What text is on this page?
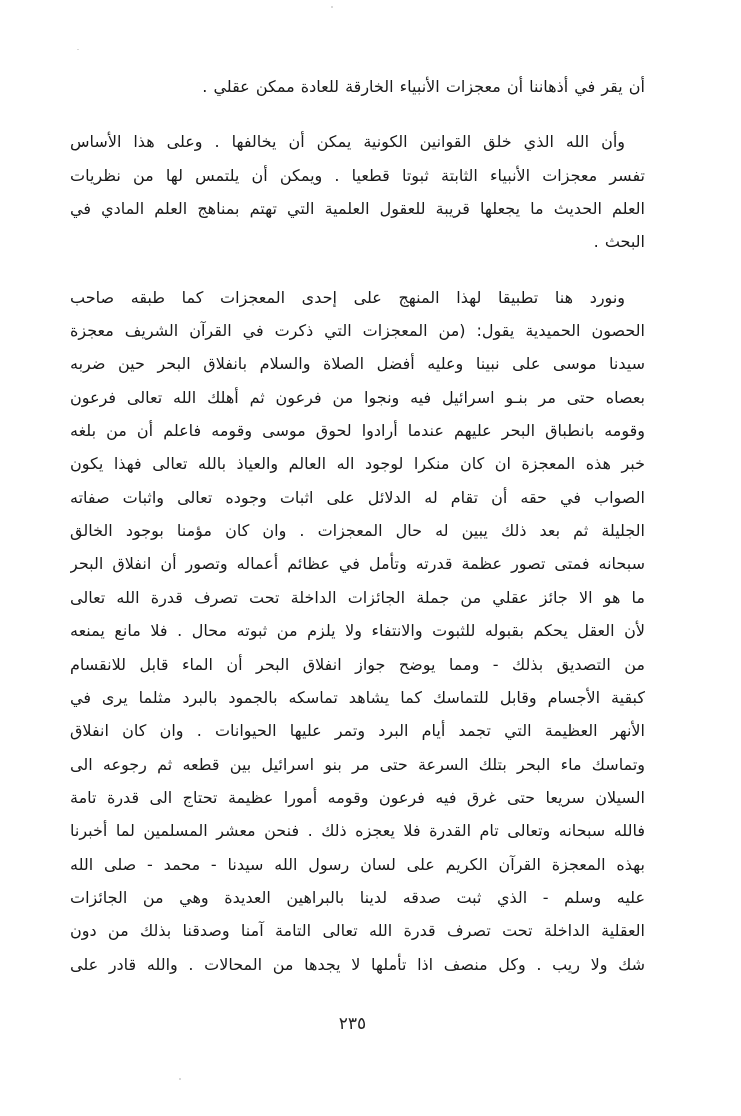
أن يقر في أذهاننا أن معجزات الأنبياء الخارقة للعادة ممكن عقلي .
وأن الله الذي خلق القوانين الكونية يمكن أن يخالفها . وعلى هذا الأساس
تفسر معجزات الأنبياء الثابتة ثبوتا قطعيا . ويمكن أن يلتمس لها من نظريات
العلم الحديث ما يجعلها قريبة للعقول العلمية التي تهتم بمناهج العلم المادي في
البحث .
ونورد هنا تطبيقا لهذا المنهج على إحدى المعجزات كما طبقه صاحب
الحصون الحميدية يقول: (من المعجزات التي ذكرت في القرآن الشريف معجزة
سيدنا موسى على نبينا وعليه أفضل الصلاة والسلام بانفلاق البحر حين ضربه
بعصاه حتى مر بنـو اسرائيل فيه ونجوا من فرعون ثم أهلك الله تعالى فرعون
وقومه بانطباق البحر عليهم عندما أرادوا لحوق موسى وقومه فاعلم أن من بلغه
خبر هذه المعجزة ان كان منكرا لوجود اله العالم والعياذ بالله تعالى فهذا يكون
الصواب في حقه أن تقام له الدلائل على اثبات وجوده تعالى واثبات صفاته
الجليلة ثم بعد ذلك يبين له حال المعجزات . وان كان مؤمنا بوجود الخالق
سبحانه فمتى تصور عظمة قدرته وتأمل في عظائم أعماله وتصور أن انفلاق البحر
ما هو الا جائز عقلي من جملة الجائزات الداخلة تحت تصرف قدرة الله تعالى
لأن العقل يحكم بقبوله للثبوت والانتفاء ولا يلزم من ثبوته محال . فلا مانع يمنعه
من التصديق بذلك - ومما يوضح جواز انفلاق البحر أن الماء قابل للانقسام
كبقية الأجسام وقابل للتماسك كما يشاهد تماسكه بالجمود بالبرد مثلما يرى في
الأنهر العظيمة التي تجمد أيام البرد وتمر عليها الحيوانات . وان كان انفلاق
وتماسك ماء البحر بتلك السرعة حتى مر بنو اسرائيل بين قطعه ثم رجوعه الى
السيلان سريعا حتى غرق فيه فرعون وقومه أمورا عظيمة تحتاج الى قدرة تامة
فالله سبحانه وتعالى تام القدرة فلا يعجزه ذلك . فنحن معشر المسلمين لما أخبرنا
بهذه المعجزة القرآن الكريم على لسان رسول الله سيدنا - محمد - صلى الله
عليه وسلم - الذي ثبت صدقه لدينا بالبراهين العديدة وهي من الجائزات
العقلية الداخلة تحت تصرف قدرة الله تعالى التامة آمنا وصدقنا بذلك من دون
شك ولا ريب . وكل منصف اذا تأملها لا يجدها من المحالات . والله قادر على
٢٣٥
